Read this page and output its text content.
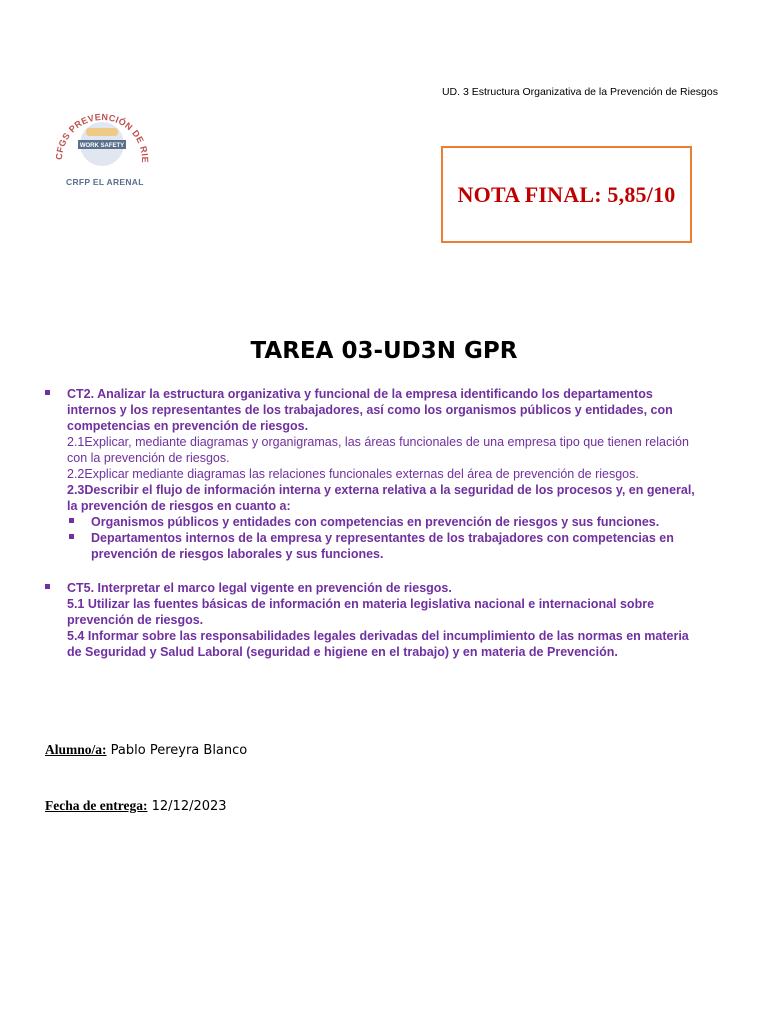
UD. 3 Estructura Organizativa de la Prevención de Riesgos
CFGS PREVENCIÓN DE RIE
WORK SAFETY
CRFP EL ARENAL	NOTA FINAL: 5,85/10
TAREA 03-UD3N GPR
CT2. Analizar la estructura organizativa y funcional de la empresa identificando los departamentos internos y los representantes de los trabajadores, así como los organismos públicos y entidades, con competencias en prevención de riesgos.
2.1Explicar, mediante diagramas y organigramas, las áreas funcionales de una empresa tipo que tienen relación con la prevención de riesgos.
2.2Explicar mediante diagramas las relaciones funcionales externas del área de prevención de riesgos.
2.3Describir el flujo de información interna y externa relativa a la seguridad de los procesos y, en general, la prevención de riesgos en cuanto a:
Organismos públicos y entidades con competencias en prevención de riesgos y sus funciones.
Departamentos internos de la empresa y representantes de los trabajadores con competencias en prevención de riesgos laborales y sus funciones.
CT5. Interpretar el marco legal vigente en prevención de riesgos.
5.1 Utilizar las fuentes básicas de información en materia legislativa nacional e internacional sobre prevención de riesgos.
5.4 Informar sobre las responsabilidades legales derivadas del incumplimiento de las normas en materia de Seguridad y Salud Laboral (seguridad e higiene en el trabajo) y en materia de Prevención.
Alumno/a: Pablo Pereyra Blanco
Fecha de entrega: 12/12/2023
